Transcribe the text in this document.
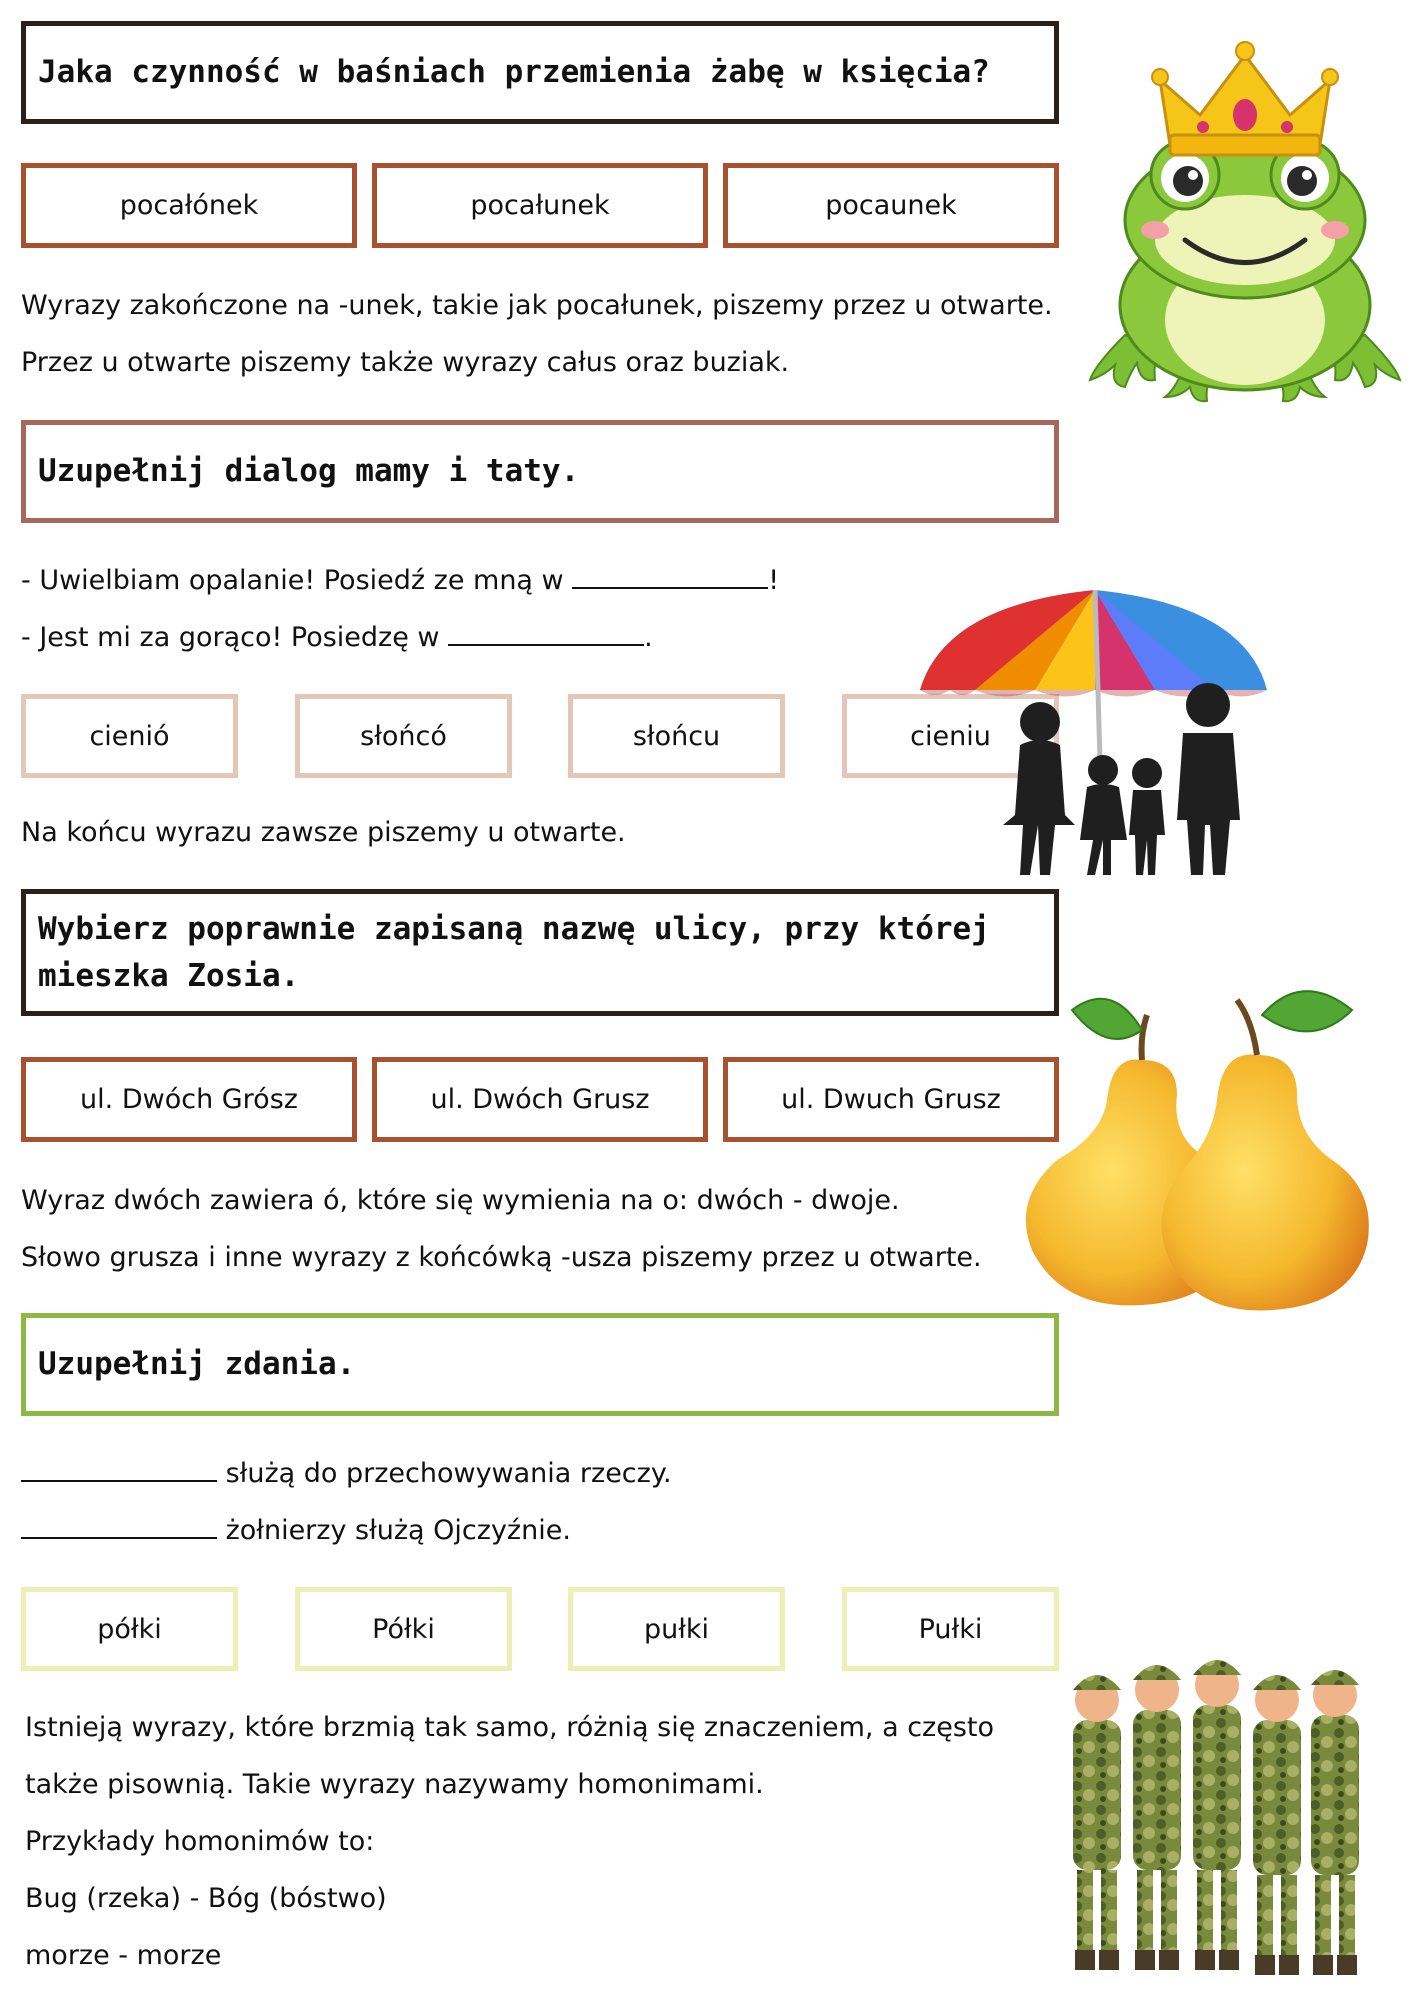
Jaka czynność w baśniach przemienia żabę w księcia?
pocałónek	pocałunek	pocaunek
Wyrazy zakończone na -unek, takie jak pocałunek, piszemy przez u otwarte.
Przez u otwarte piszemy także wyrazy całus oraz buziak.
Uzupełnij dialog mamy i taty.
- Uwielbiam opalanie! Posiedź ze mną w	!
- Jest mi za gorąco! Posiedzę w	.
cienió	słońcó	słońcu	cieniu
Na końcu wyrazu zawsze piszemy u otwarte.
Wybierz poprawnie zapisaną nazwę ulicy, przy której mieszka Zosia.
ul. Dwóch Grósz	ul. Dwóch Grusz	ul. Dwuch Grusz
Wyraz dwóch zawiera ó, które się wymienia na o: dwóch - dwoje.
Słowo grusza i inne wyrazy z końcówką -usza piszemy przez u otwarte.
Uzupełnij zdania.
służą do przechowywania rzeczy.
żołnierzy służą Ojczyźnie.
półki	Półki	pułki	Pułki
Istnieją wyrazy, które brzmią tak samo, różnią się znaczeniem, a często
także pisownią. Takie wyrazy nazywamy homonimami.
Przykłady homonimów to:
Bug (rzeka) - Bóg (bóstwo)
morze - morze
